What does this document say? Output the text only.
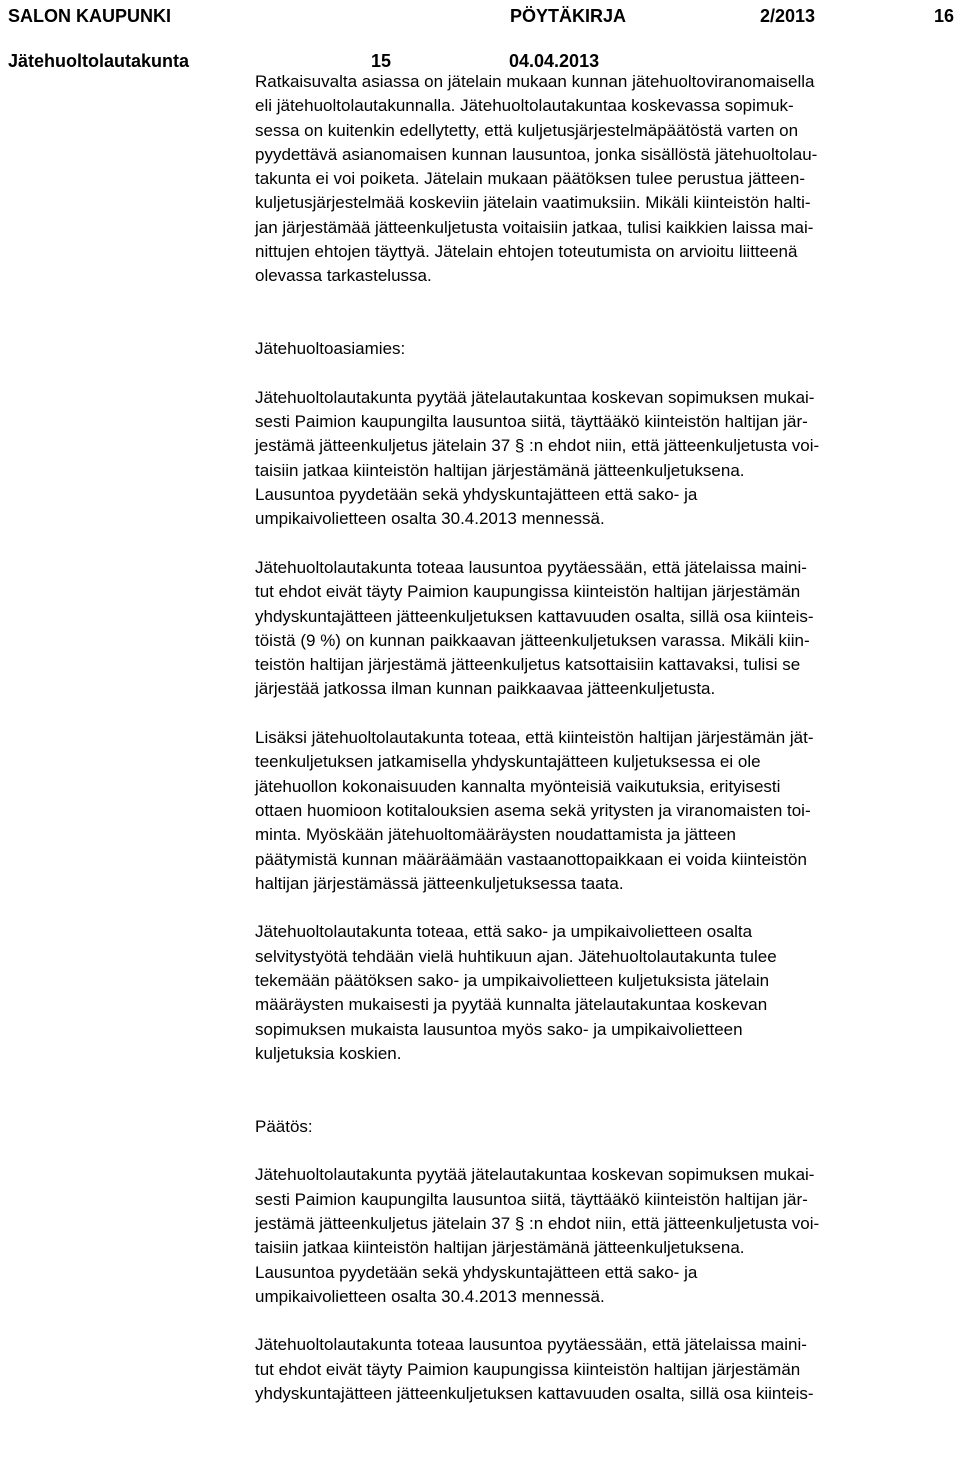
SALON KAUPUNKI	PÖYTÄKIRJA	2/2013	16
Jätehuoltolautakunta	15	04.04.2013
Ratkaisuvalta asiassa on jätelain mukaan kunnan jätehuoltoviranomaisella
eli jätehuoltolautakunnalla. Jätehuoltolautakuntaa koskevassa sopimuk-
sessa on kuitenkin edellytetty, että kuljetusjärjestelmäpäätöstä varten on
pyydettävä asianomaisen kunnan lausuntoa, jonka sisällöstä jätehuoltolau-
takunta ei voi poiketa. Jätelain mukaan päätöksen tulee perustua jätteen-
kuljetusjärjestelmää koskeviin jätelain vaatimuksiin. Mikäli kiinteistön halti-
jan järjestämää jätteenkuljetusta voitaisiin jatkaa, tulisi kaikkien laissa mai-
nittujen ehtojen täyttyä. Jätelain ehtojen toteutumista on arvioitu liitteenä
olevassa tarkastelussa.
Jätehuoltoasiamies:
Jätehuoltolautakunta pyytää jätelautakuntaa koskevan sopimuksen mukai-
sesti Paimion kaupungilta lausuntoa siitä, täyttääkö kiinteistön haltijan jär-
jestämä jätteenkuljetus jätelain 37 § :n ehdot niin, että jätteenkuljetusta voi-
taisiin jatkaa kiinteistön haltijan järjestämänä jätteenkuljetuksena.
Lausuntoa pyydetään sekä yhdyskuntajätteen että sako- ja
umpikaivolietteen osalta 30.4.2013 mennessä.
Jätehuoltolautakunta toteaa lausuntoa pyytäessään, että jätelaissa maini-
tut ehdot eivät täyty Paimion kaupungissa kiinteistön haltijan järjestämän
yhdyskuntajätteen jätteenkuljetuksen kattavuuden osalta, sillä osa kiinteis-
töistä (9 %) on kunnan paikkaavan jätteenkuljetuksen varassa. Mikäli kiin-
teistön haltijan järjestämä jätteenkuljetus katsottaisiin kattavaksi, tulisi se
järjestää jatkossa ilman kunnan paikkaavaa jätteenkuljetusta.
Lisäksi jätehuoltolautakunta toteaa, että kiinteistön haltijan järjestämän jät-
teenkuljetuksen jatkamisella yhdyskuntajätteen kuljetuksessa ei ole
jätehuollon kokonaisuuden kannalta myönteisiä vaikutuksia, erityisesti
ottaen huomioon kotitalouksien asema sekä yritysten ja viranomaisten toi-
minta. Myöskään jätehuoltomääräysten noudattamista ja jätteen
päätymistä kunnan määräämään vastaanottopaikkaan ei voida kiinteistön
haltijan järjestämässä jätteenkuljetuksessa taata.
Jätehuoltolautakunta toteaa, että sako- ja umpikaivolietteen osalta
selvitystyötä tehdään vielä huhtikuun ajan. Jätehuoltolautakunta tulee
tekemään päätöksen sako- ja umpikaivolietteen kuljetuksista jätelain
määräysten mukaisesti ja pyytää kunnalta jätelautakuntaa koskevan
sopimuksen mukaista lausuntoa myös sako- ja umpikaivolietteen
kuljetuksia koskien.
Päätös:
Jätehuoltolautakunta pyytää jätelautakuntaa koskevan sopimuksen mukai-
sesti Paimion kaupungilta lausuntoa siitä, täyttääkö kiinteistön haltijan jär-
jestämä jätteenkuljetus jätelain 37 § :n ehdot niin, että jätteenkuljetusta voi-
taisiin jatkaa kiinteistön haltijan järjestämänä jätteenkuljetuksena.
Lausuntoa pyydetään sekä yhdyskuntajätteen että sako- ja
umpikaivolietteen osalta 30.4.2013 mennessä.
Jätehuoltolautakunta toteaa lausuntoa pyytäessään, että jätelaissa maini-
tut ehdot eivät täyty Paimion kaupungissa kiinteistön haltijan järjestämän
yhdyskuntajätteen jätteenkuljetuksen kattavuuden osalta, sillä osa kiinteis-
